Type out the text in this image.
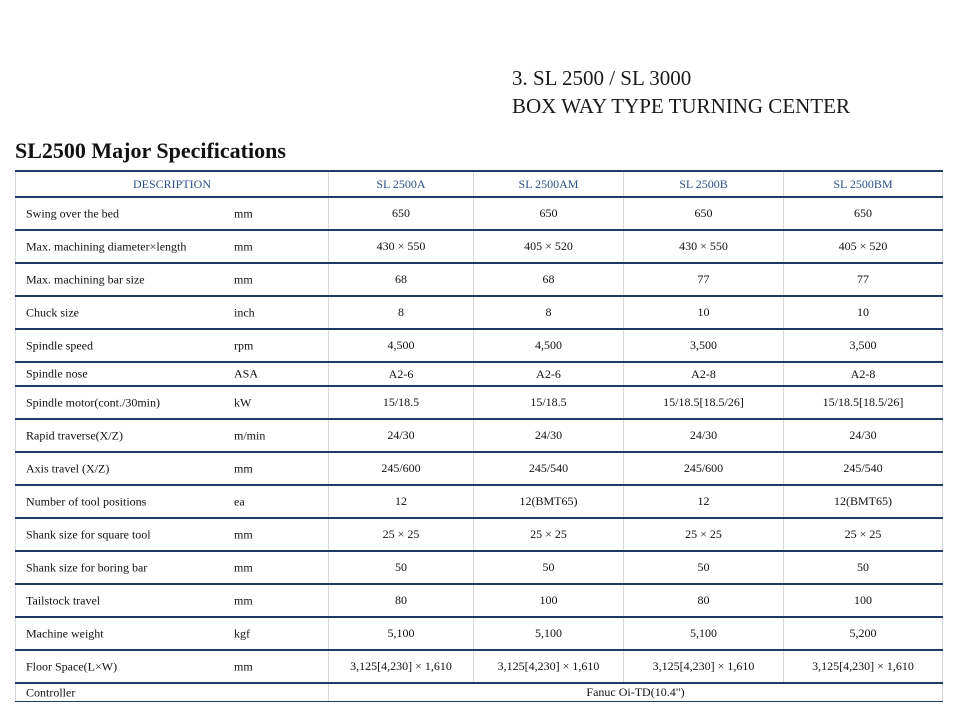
3. SL 2500 / SL 3000
BOX WAY TYPE TURNING CENTER
SL2500 Major Specifications
DESCRIPTION	SL 2500A	SL 2500AM	SL 2500B	SL 2500BM

Swing over the bed mm	650	650	650	650

Max. machining diameter×length mm	430 × 550	405 × 520	430 × 550	405 × 520

Max. machining bar size mm	68	68	77	77

Chuck size inch	8	8	10	10

Spindle speed rpm	4,500	4,500	3,500	3,500

Spindle nose ASA	A2-6	A2-6	A2-8	A2-8

Spindle motor(cont./30min) kW	15/18.5	15/18.5	15/18.5[18.5/26]	15/18.5[18.5/26]

Rapid traverse(X/Z) m/min	24/30	24/30	24/30	24/30

Axis travel (X/Z) mm	245/600	245/540	245/600	245/540

Number of tool positions ea	12	12(BMT65)	12	12(BMT65)

Shank size for square tool mm	25 × 25	25 × 25	25 × 25	25 × 25

Shank size for boring bar mm	50	50	50	50

Tailstock travel mm	80	100	80	100

Machine weight kgf	5,100	5,100	5,100	5,200

Floor Space(L×W) mm	3,125[4,230] × 1,610	3,125[4,230] × 1,610	3,125[4,230] × 1,610	3,125[4,230] × 1,610

Controller	Fanuc Oi-TD(10.4")			
